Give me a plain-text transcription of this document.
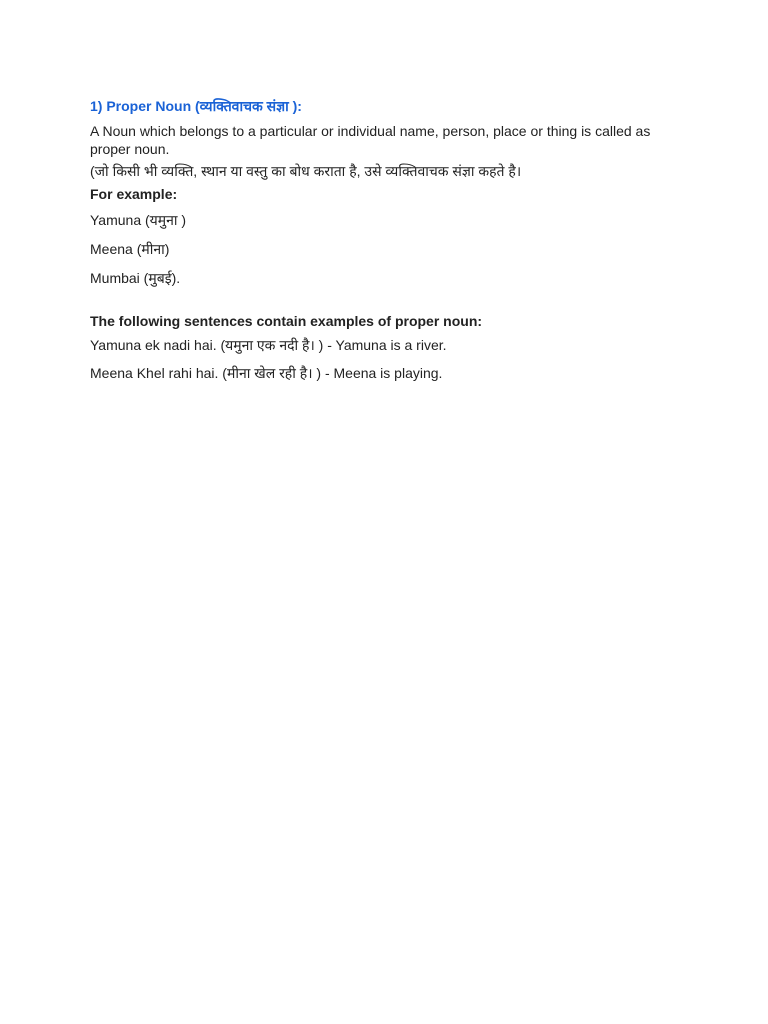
1) Proper Noun (व्यक्तिवाचक संज्ञा ):
A Noun which belongs to a particular or individual name, person, place or thing is called as proper noun.
(जो किसी भी व्यक्ति, स्थान या वस्तु का बोध कराता है, उसे व्यक्तिवाचक संज्ञा कहते है।
For example:
Yamuna (यमुना )
Meena (मीना)
Mumbai (मुबई).
The following sentences contain examples of proper noun:
Yamuna ek nadi hai. (यमुना एक नदी है। ) - Yamuna is a river.
Meena Khel rahi hai. (मीना खेल रही है। ) - Meena is playing.
